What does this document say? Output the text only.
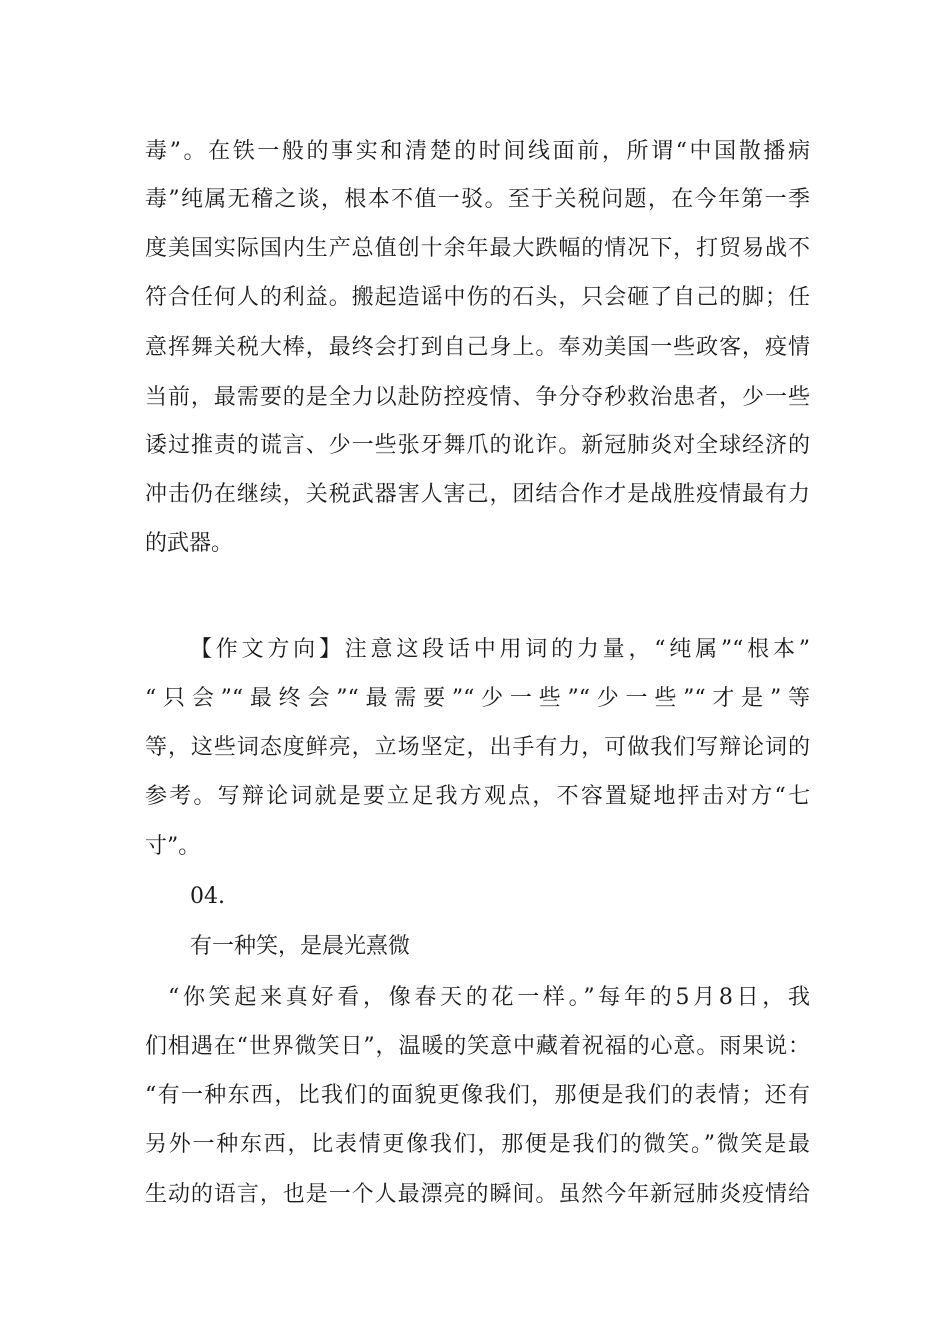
毒”。在铁一般的事实和清楚的时间线面前，所谓“中国散播病
毒”纯属无稽之谈，根本不值一驳。至于关税问题，在今年第一季
度美国实际国内生产总值创十余年最大跌幅的情况下，打贸易战不
符合任何人的利益。搬起造谣中伤的石头，只会砸了自己的脚；任
意挥舞关税大棒，最终会打到自己身上。奉劝美国一些政客，疫情
当前，最需要的是全力以赴防控疫情、争分夺秒救治患者，少一些
诿过推责的谎言、少一些张牙舞爪的讹诈。新冠肺炎对全球经济的
冲击仍在继续，关税武器害人害己，团结合作才是战胜疫情最有力
的武器。
【作文方向】注意这段话中用词的力量，“纯属”“根本”
“只会”“最终会”“最需要”“少一些”“少一些”“才是”等
等，这些词态度鲜亮，立场坚定，出手有力，可做我们写辩论词的
参考。写辩论词就是要立足我方观点，不容置疑地抨击对方“七
寸”。
04.
有一种笑，是晨光熹微
“你笑起来真好看，像春天的花一样。”每年的5月8日，我
们相遇在“世界微笑日”，温暖的笑意中藏着祝福的心意。雨果说：
“有一种东西，比我们的面貌更像我们，那便是我们的表情；还有
另外一种东西，比表情更像我们，那便是我们的微笑。”微笑是最
生动的语言，也是一个人最漂亮的瞬间。虽然今年新冠肺炎疫情给
